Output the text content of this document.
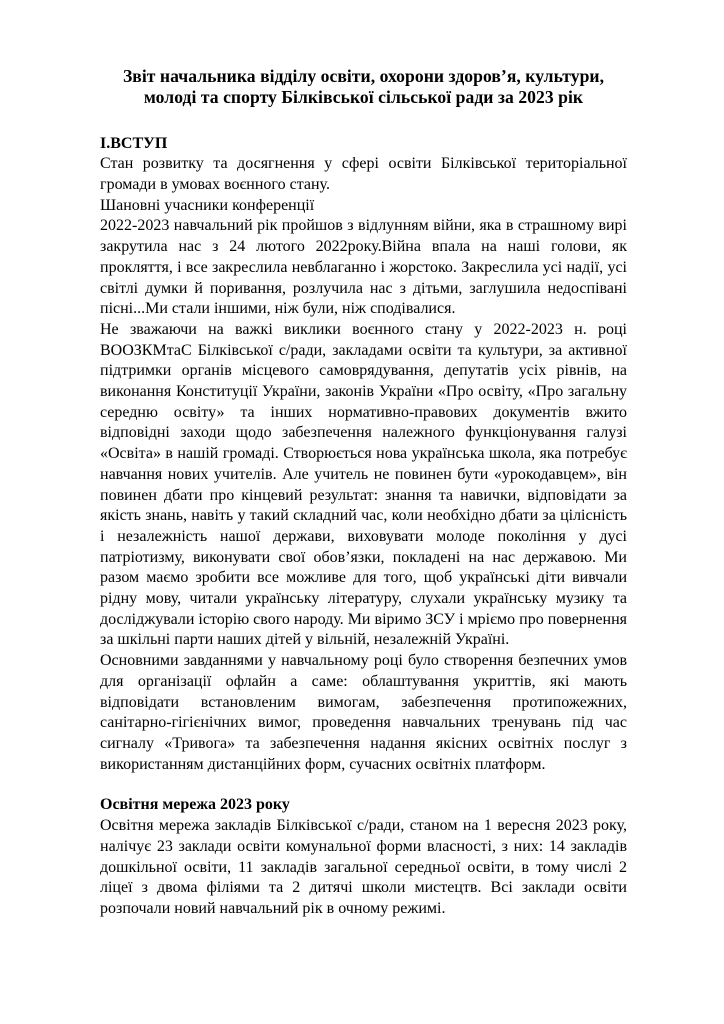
Звіт начальника відділу освіти, охорони здоров’я, культури, молоді та спорту Білківської сільської ради за 2023 рік
I.ВСТУП

Стан розвитку та досягнення у сфері освіти Білківської територіальної громади в умовах воєнного стану.

Шановні учасники конференції

2022-2023 навчальний рік пройшов з відлунням війни, яка в страшному вирі закрутила нас з 24 лютого 2022року.Війна впала на наші голови, як прокляття, і все закреслила невблаганно і жорстоко. Закреслила усі надії, усі світлі думки й поривання, розлучила нас з дітьми, заглушила недоспівані пісні...Ми стали іншими, ніж були, ніж сподівалися.

Не зважаючи на важкі виклики воєнного стану у 2022-2023 н. році ВООЗКМтаС Білківської с/ради, закладами освіти та культури, за активної підтримки органів місцевого самоврядування, депутатів усіх рівнів, на виконання Конституції України, законів України «Про освіту, «Про загальну середню освіту» та інших нормативно-правових документів вжито відповідні заходи щодо забезпечення належного функціонування галузі «Освіта» в нашій громаді. Створюється нова українська школа, яка потребує навчання нових учителів. Але учитель не повинен бути «урокодавцем», він повинен дбати про кінцевий результат: знання та навички, відповідати за якість знань, навіть у такий складний час, коли необхідно дбати за цілісність і незалежність нашої держави, виховувати молоде покоління у дусі патріотизму, виконувати свої обов’язки, покладені на нас державою. Ми разом маємо зробити все можливе для того, щоб українські діти вивчали рідну мову, читали українську літературу, слухали українську музику та досліджували історію свого народу. Ми віримо ЗСУ і мріємо про повернення за шкільні парти наших дітей у вільній, незалежній Україні.

Основними завданнями у навчальному році було створення безпечних умов для організації офлайн а саме: облаштування укриттів, які мають відповідати встановленим вимогам, забезпечення протипожежних, санітарно-гігієнічних вимог, проведення навчальних тренувань під час сигналу «Тривога» та забезпечення надання якісних освітніх послуг з використанням дистанційних форм, сучасних освітніх платформ.

Освітня мережа 2023 року

Освітня мережа закладів Білківської с/ради, станом на 1 вересня 2023 року, налічує 23 заклади освіти комунальної форми власності, з них: 14 закладів дошкільної освіти, 11 закладів загальної середньої освіти, в тому числі 2 ліцеї з двома філіями та 2 дитячі школи мистецтв. Всі заклади освіти розпочали новий навчальний рік в очному режимі.
